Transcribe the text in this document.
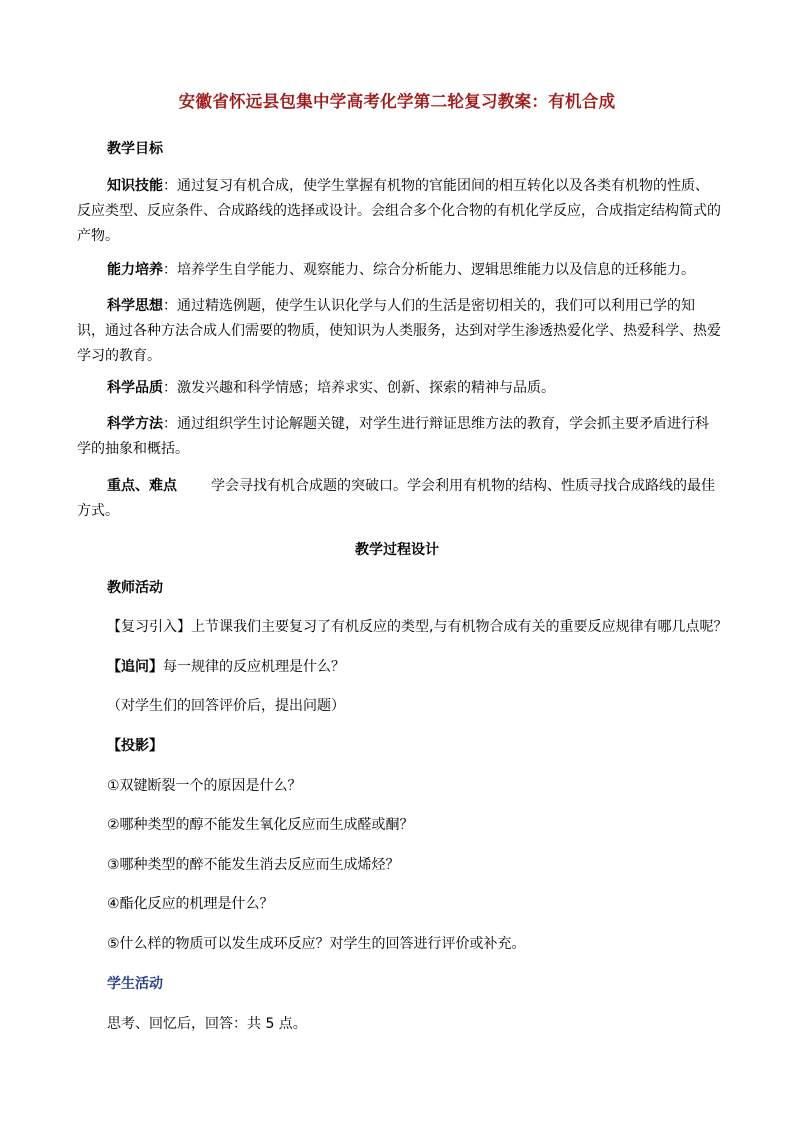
安徽省怀远县包集中学高考化学第二轮复习教案：有机合成
教学目标
知识技能：通过复习有机合成，使学生掌握有机物的官能团间的相互转化以及各类有机物的性质、反应类型、反应条件、合成路线的选择或设计。会组合多个化合物的有机化学反应，合成指定结构简式的产物。
能力培养：培养学生自学能力、观察能力、综合分析能力、逻辑思维能力以及信息的迁移能力。
科学思想：通过精选例题，使学生认识化学与人们的生活是密切相关的，我们可以利用已学的知识，通过各种方法合成人们需要的物质，使知识为人类服务，达到对学生渗透热爱化学、热爱科学、热爱学习的教育。
科学品质：激发兴趣和科学情感；培养求实、创新、探索的精神与品质。
科学方法：通过组织学生讨论解题关键，对学生进行辩证思维方法的教育，学会抓主要矛盾进行科学的抽象和概括。
重点、难点 学会寻找有机合成题的突破口。学会利用有机物的结构、性质寻找合成路线的最佳方式。
教学过程设计
教师活动
【复习引入】上节课我们主要复习了有机反应的类型,与有机物合成有关的重要反应规律有哪几点呢？
【追问】每一规律的反应机理是什么？
（对学生们的回答评价后，提出问题）
【投影】
①双键断裂一个的原因是什么？
②哪种类型的醇不能发生氧化反应而生成醛或酮？
③哪种类型的醉不能发生消去反应而生成烯烃？
④酯化反应的机理是什么？
⑤什么样的物质可以发生成环反应？对学生的回答进行评价或补充。
学生活动
思考、回忆后，回答：共 5 点。
